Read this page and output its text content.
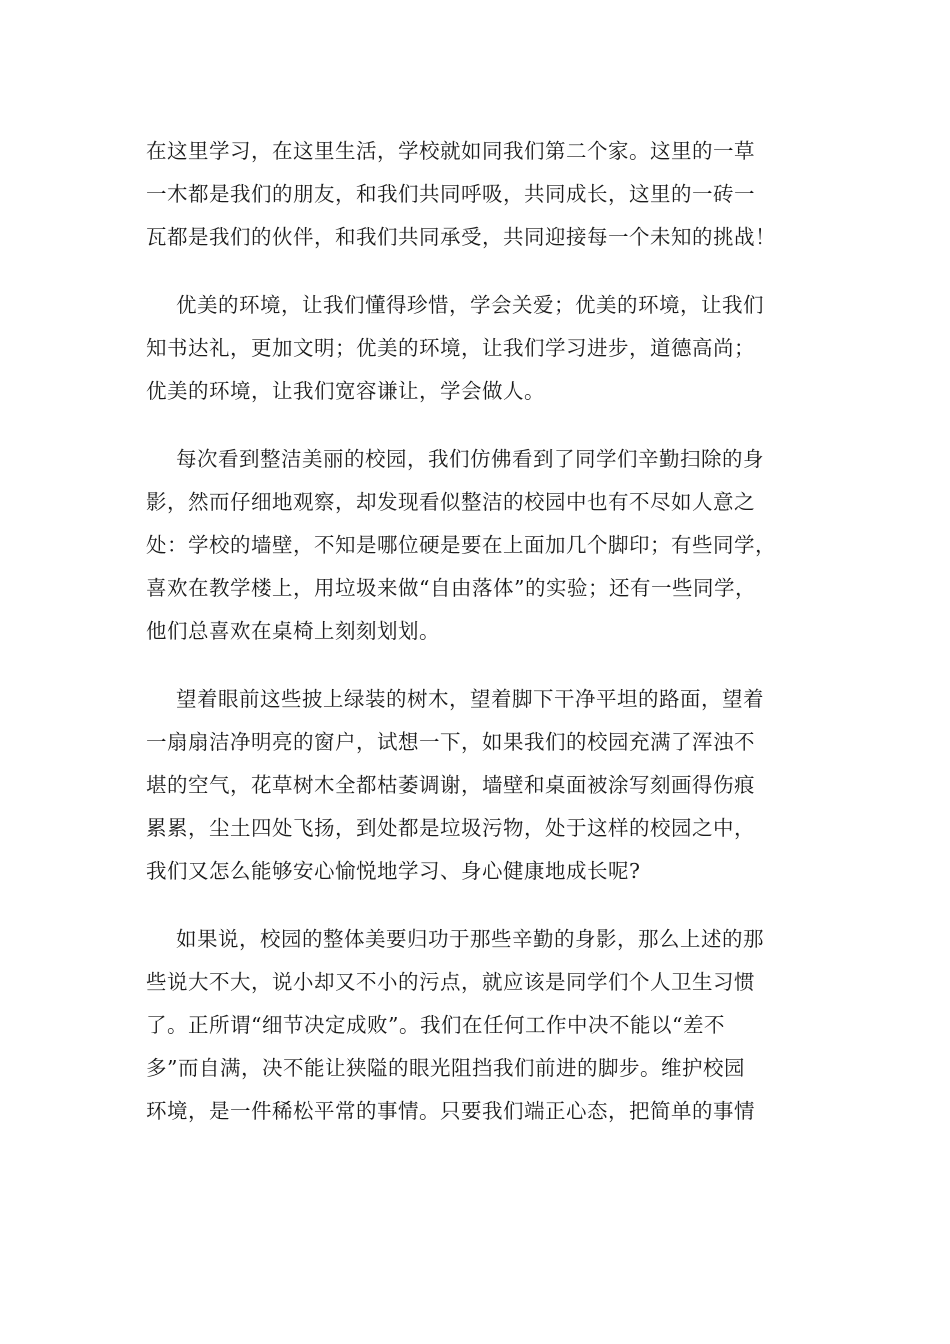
在这里学习，在这里生活，学校就如同我们第二个家。这里的一草
一木都是我们的朋友，和我们共同呼吸，共同成长，这里的一砖一
瓦都是我们的伙伴，和我们共同承受，共同迎接每一个未知的挑战！
优美的环境，让我们懂得珍惜，学会关爱；优美的环境，让我们
知书达礼，更加文明；优美的环境，让我们学习进步，道德高尚；
优美的环境，让我们宽容谦让，学会做人。
每次看到整洁美丽的校园，我们仿佛看到了同学们辛勤扫除的身
影，然而仔细地观察，却发现看似整洁的校园中也有不尽如人意之
处：学校的墙壁，不知是哪位硬是要在上面加几个脚印；有些同学，
喜欢在教学楼上，用垃圾来做“自由落体”的实验；还有一些同学，
他们总喜欢在桌椅上刻刻划划。
望着眼前这些披上绿装的树木，望着脚下干净平坦的路面，望着
一扇扇洁净明亮的窗户，试想一下，如果我们的校园充满了浑浊不
堪的空气，花草树木全都枯萎调谢，墙壁和桌面被涂写刻画得伤痕
累累，尘土四处飞扬，到处都是垃圾污物，处于这样的校园之中，
我们又怎么能够安心愉悦地学习、身心健康地成长呢?
如果说，校园的整体美要归功于那些辛勤的身影，那么上述的那
些说大不大，说小却又不小的污点，就应该是同学们个人卫生习惯
了。正所谓“细节决定成败”。我们在任何工作中决不能以“差不
多”而自满，决不能让狭隘的眼光阻挡我们前进的脚步。维护校园
环境，是一件稀松平常的事情。只要我们端正心态，把简单的事情
